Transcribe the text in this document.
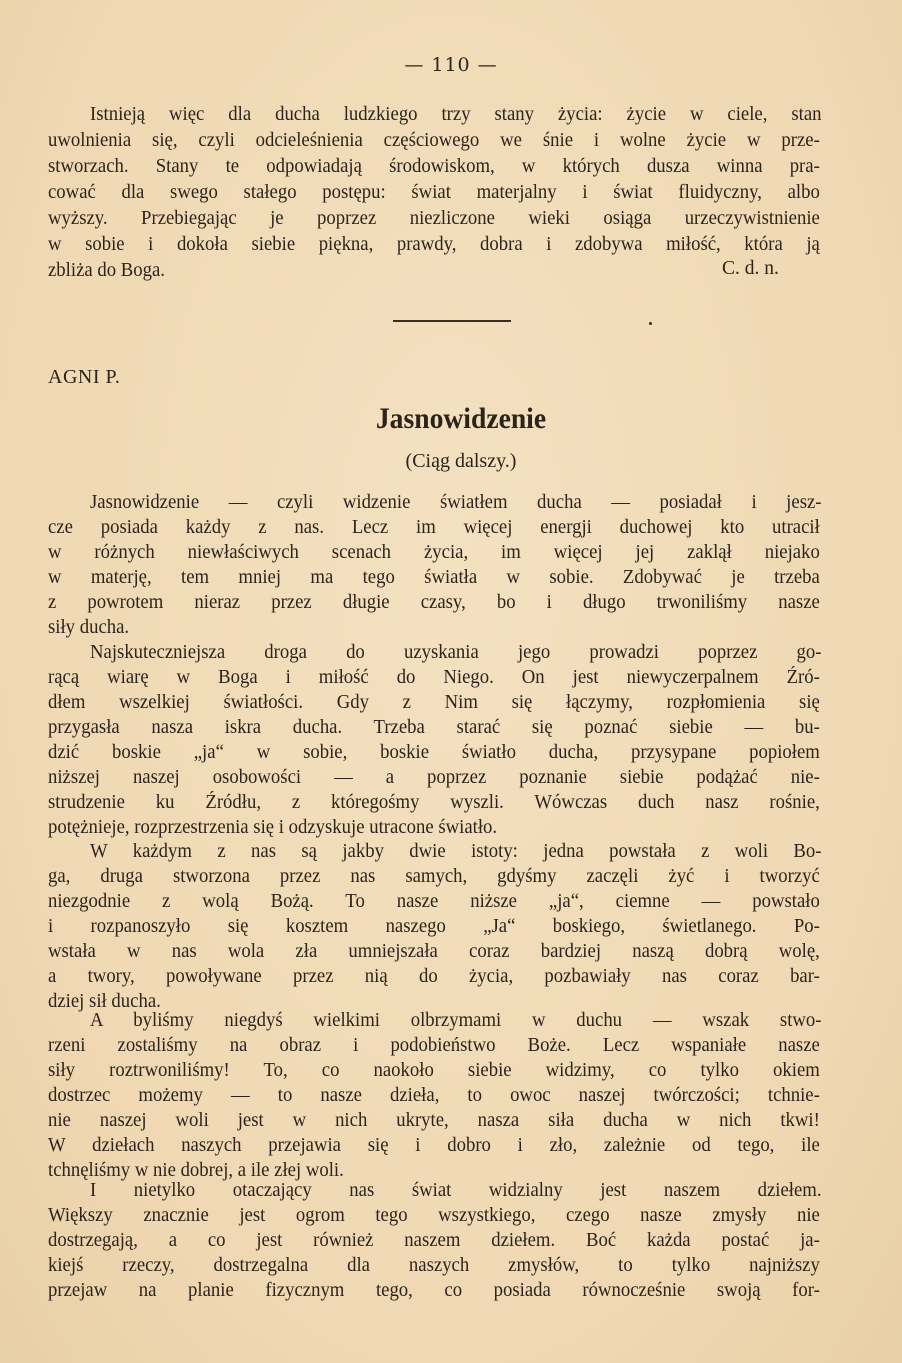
— 110 —
Istnieją więc dla ducha ludzkiego trzy stany życia: życie w ciele, stan
uwolnienia się, czyli odcieleśnienia częściowego we śnie i wolne życie w prze-
stworzach. Stany te odpowiadają środowiskom, w których dusza winna pra-
cować dla swego stałego postępu: świat materjalny i świat fluidyczny, albo
wyższy. Przebiegając je poprzez niezliczone wieki osiąga urzeczywistnienie
w sobie i dokoła siebie piękna, prawdy, dobra i zdobywa miłość, która ją
zbliża do Boga.	C. d. n.
AGNI P.
Jasnowidzenie
(Ciąg dalszy.)
Jasnowidzenie — czyli widzenie światłem ducha — posiadał i jesz-
cze posiada każdy z nas. Lecz im więcej energji duchowej kto utracił
w różnych niewłaściwych scenach życia, im więcej jej zaklął niejako
w materję, tem mniej ma tego światła w sobie. Zdobywać je trzeba
z powrotem nieraz przez długie czasy, bo i długo trwoniliśmy nasze
siły ducha.
Najskuteczniejsza droga do uzyskania jego prowadzi poprzez go-
rącą wiarę w Boga i miłość do Niego. On jest niewyczerpalnem Źró-
dłem wszelkiej światłości. Gdy z Nim się łączymy, rozpłomienia się
przygasła nasza iskra ducha. Trzeba starać się poznać siebie — bu-
dzić boskie „ja“ w sobie, boskie światło ducha, przysypane popiołem
niższej naszej osobowości — a poprzez poznanie siebie podążać nie-
strudzenie ku Źródłu, z któregośmy wyszli. Wówczas duch nasz rośnie,
potężnieje, rozprzestrzenia się i odzyskuje utracone światło.
W każdym z nas są jakby dwie istoty: jedna powstała z woli Bo-
ga, druga stworzona przez nas samych, gdyśmy zaczęli żyć i tworzyć
niezgodnie z wolą Bożą. To nasze niższe „ja“, ciemne — powstało
i rozpanoszyło się kosztem naszego „Ja“ boskiego, świetlanego. Po-
wstała w nas wola zła umniejszała coraz bardziej naszą dobrą wolę,
a twory, powoływane przez nią do życia, pozbawiały nas coraz bar-
dziej sił ducha.
A byliśmy niegdyś wielkimi olbrzymami w duchu — wszak stwo-
rzeni zostaliśmy na obraz i podobieństwo Boże. Lecz wspaniałe nasze
siły roztrwoniliśmy! To, co naokoło siebie widzimy, co tylko okiem
dostrzec możemy — to nasze dzieła, to owoc naszej twórczości; tchnie-
nie naszej woli jest w nich ukryte, nasza siła ducha w nich tkwi!
W dziełach naszych przejawia się i dobro i zło, zależnie od tego, ile
tchnęliśmy w nie dobrej, a ile złej woli.
I nietylko otaczający nas świat widzialny jest naszem dziełem.
Większy znacznie jest ogrom tego wszystkiego, czego nasze zmysły nie
dostrzegają, a co jest również naszem dziełem. Boć każda postać ja-
kiejś rzeczy, dostrzegalna dla naszych zmysłów, to tylko najniższy
przejaw na planie fizycznym tego, co posiada równocześnie swoją for-
